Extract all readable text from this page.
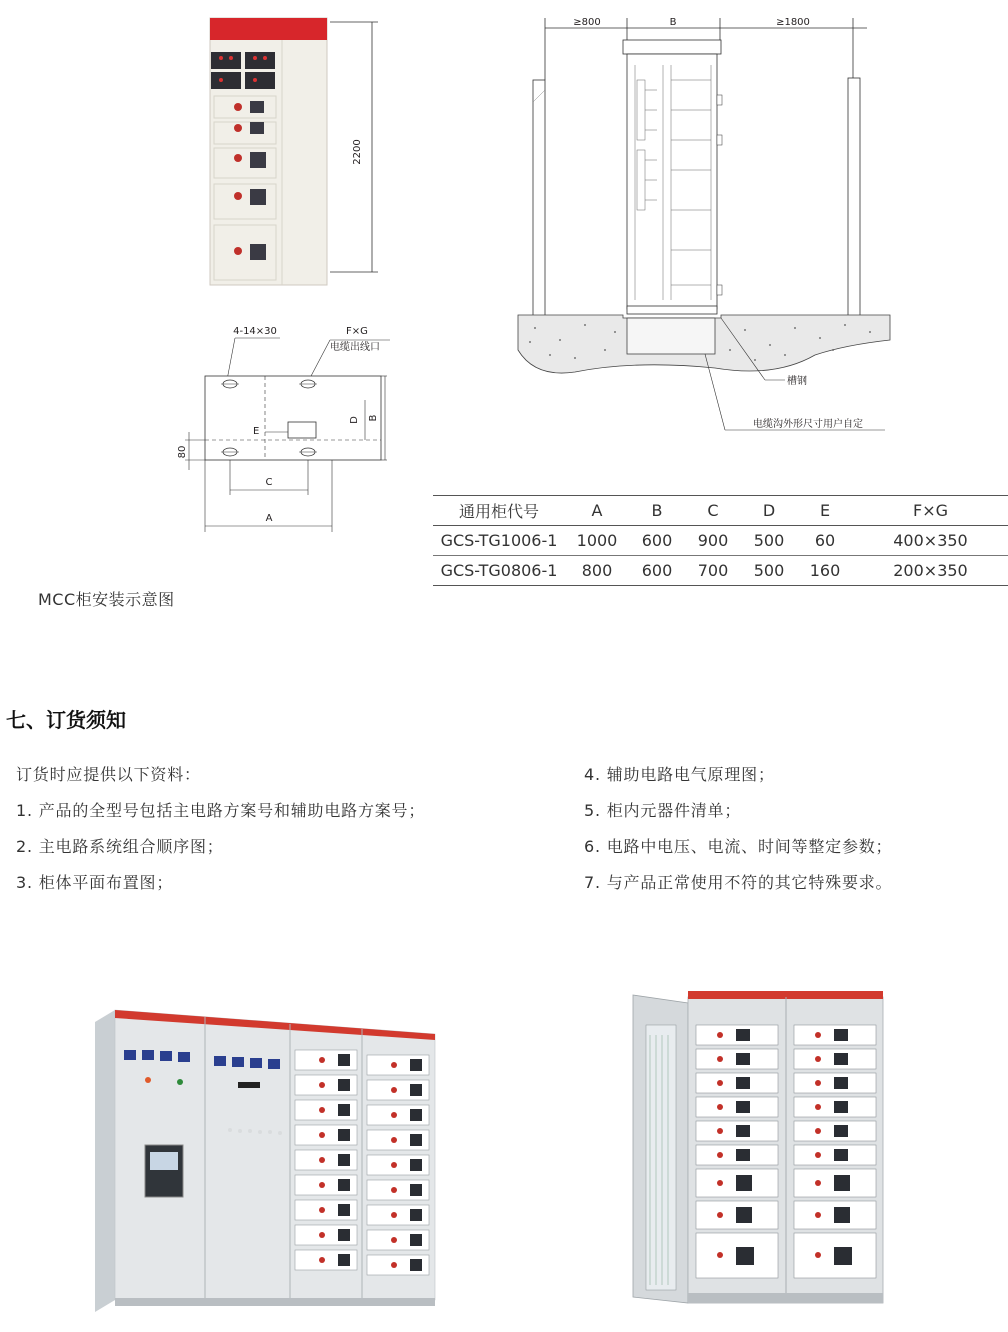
2200
≥800	B	≥1800
槽钢
电缆沟外形尺寸用户自定
4-14×30	F×G
电缆出线口
E
D B
80
C
A	通用柜代号	A	B	C	D	E	F×G
GCS-TG1006-1	1000	600	900	500	60	400×350
GCS-TG0806-1	800	600	700	500	160	200×350
MCC柜安装示意图
七、订货须知
订货时应提供以下资料：
1. 产品的全型号包括主电路方案号和辅助电路方案号；
2. 主电路系统组合顺序图；
3. 柜体平面布置图；
4. 辅助电路电气原理图；
5. 柜内元器件清单；
6. 电路中电压、电流、时间等整定参数；
7. 与产品正常使用不符的其它特殊要求。
